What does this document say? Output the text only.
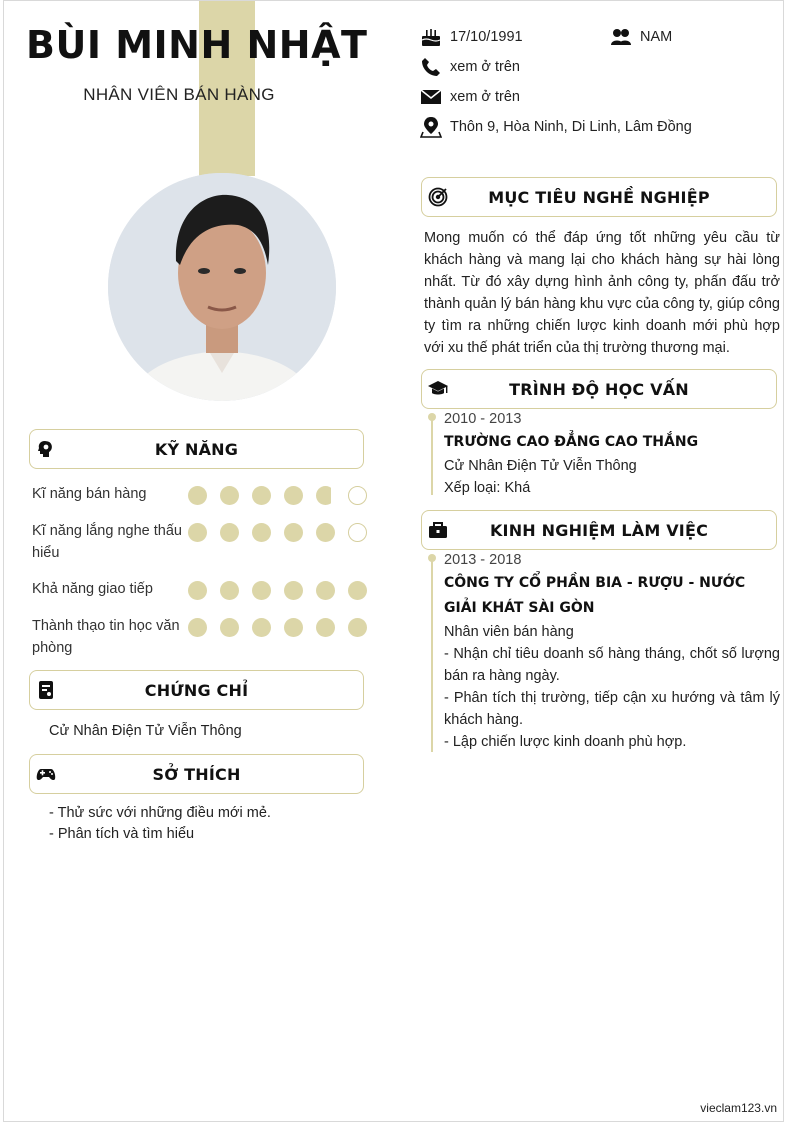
BÙI MINH NHẬT
NHÂN VIÊN BÁN HÀNG
KỸ NĂNG
Kĩ năng bán hàng
Kĩ năng lắng nghe thấu hiểu
Khả năng giao tiếp
Thành thạo tin học văn phòng
CHỨNG CHỈ
Cử Nhân Điện Tử Viễn Thông
SỞ THÍCH
- Thử sức với những điều mới mẻ.
- Phân tích và tìm hiểu
17/10/1991	NAM
xem ở trên
xem ở trên
Thôn 9, Hòa Ninh, Di Linh, Lâm Đồng
MỤC TIÊU NGHỀ NGHIỆP
Mong muốn có thể đáp ứng tốt những yêu cầu từ khách hàng và mang lại cho khách hàng sự hài lòng nhất. Từ đó xây dựng hình ảnh công ty, phấn đấu trở thành quản lý bán hàng khu vực của công ty, giúp công ty tìm ra những chiến lược kinh doanh mới phù hợp với xu thế phát triển của thị trường thương mại.
TRÌNH ĐỘ HỌC VẤN
2010 - 2013
TRƯỜNG CAO ĐẲNG CAO THẮNG
Cử Nhân Điện Tử Viễn Thông
Xếp loại: Khá
KINH NGHIỆM LÀM VIỆC
2013 - 2018
CÔNG TY CỔ PHẦN BIA - RƯỢU - NƯỚC GIẢI KHÁT SÀI GÒN
Nhân viên bán hàng
- Nhận chỉ tiêu doanh số hàng tháng, chốt số lượng bán ra hàng ngày.
- Phân tích thị trường, tiếp cận xu hướng và tâm lý khách hàng.
- Lập chiến lược kinh doanh phù hợp.
vieclam123.vn
